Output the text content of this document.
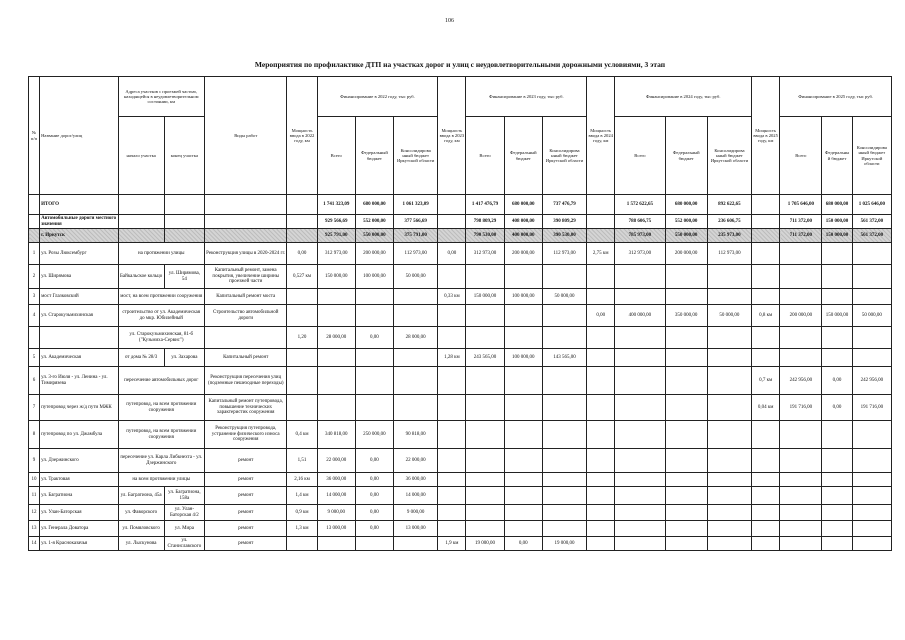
106
Мероприятия по профилактике ДТП на участках дорог и улиц с неудовлетворительными дорожными условиями, 3 этап
№ п/п	Название дорог/улиц	Адреса участков с проезжей частью, находящейся в неудовлетворительном состоянии, км		Виды работ	Мощность ввода в 2022 году, км	Финансирование в 2022 году, тыс руб.			Мощность ввода в 2023 году, км	Финансирование в 2023 году, тыс руб.			Мощность ввода в 2024 году, км	Финансирование в 2024 году, тыс руб.			Мощность ввода в 2025 году, км	Финансирование в 2025 году, тыс руб.		
		начало участка	конец участка			Всего	Федеральный бюджет	Консолидирова нный бюджет Иркутской области		Всего	Федеральный бюджет	Консолидирова нный бюджет Иркутской области		Всего	Федеральный бюджет	Консолидирова нный бюджет Иркутской области		Всего	Федеральны й бюджет	Консолидирова нный бюджет Иркутской области
	ИТОГО					1 741 323,09	680 000,00	1 061 323,09		1 417 476,79	680 000,00	737 476,79		1 572 622,65	680 000,00	892 622,65		1 705 646,00	680 000,00	1 025 646,00
	Автомобильные дороги местного значения					929 566,69	552 000,00	377 566,69		798 809,29	408 000,00	390 809,29		788 606,75	552 000,00	236 606,75		711 372,00	150 000,00	561 372,00
	г. Иркутск					925 791,00	550 000,00	375 791,00		790 530,00	400 000,00	390 530,00		785 973,00	550 000,00	235 973,00		711 372,00	150 000,00	561 372,00
1	ул. Розы Люксембург	на протяжении улицы		Реконструкция улицы в 2020-2024 гг.	0,00	312 973,00	200 000,00	112 973,00	0,00	312 973,00	200 000,00	112 973,00	2,75 км	312 973,00	200 000,00	112 973,00				
2	ул. Ширямова	Байкальское кольцо	ул. Ширямова, 54	Капитальный ремонт, замена покрытия, увеличение ширины проезжей части	0,527 км	150 000,00	100 000,00	50 000,00												
3	мост Глазковский	мост, на всем протяжении сооружения		Капитальный ремонт моста					0,33 км	150 000,00	100 000,00	50 000,00								
4	ул. Старокузьмихинская	строительство от ул. Академическая до мкр. Юбилейный		Строительство автомобильной дороги									0,00	400 000,00	350 000,00	50 000,00	0,8 км	200 000,00	150 000,00	50 000,00
		ул. Старокузьмихинская, 81-б ("Кузьмиха-Сервис")			1,20	28 000,00	0,00	28 000,00												
5	ул. Академическая	от дома № 28/3	ул. Захарова	Капитальный ремонт					1,28 км	243 565,00	100 000,00	143 565,00								
6	ул. 3-го Июля - ул. Ленина - ул. Тимирязева	пересечение автомобильных дорог		Реконструкция пересечения улиц (подземные пешеходные переходы)													0,7 км	242 956,00	0,00	242 956,00
7	путепровод через ж/д пути МЖК	путепровод, на всем протяжении сооружения		Капитальный ремонт путепровода, повышение технических характеристик сооружения													0,04 км	191 716,00	0,00	191 716,00
8	путепровод по ул. Джамбула	путепровод, на всем протяжении сооружения		Реконструкция путепровода, устранение физического износа сооружения	0,4 км	340 818,00	250 000,00	90 818,00												
9	ул. Дзержинского	пересечение ул. Карла Либкнехта - ул. Дзержинского		ремонт	1,51	22 000,00	0,00	22 000,00												
10	ул. Трактовая	на всем протяжении улицы		ремонт	2,16 км	36 000,00	0,00	36 000,00												
11	ул. Багратиона	ул. Багратиона, 45а	ул. Багратиона, 158а	ремонт	1,4 км	14 000,00	0,00	14 000,00												
12	ул. Улан-Баторская	ул. Фаворского	ул. Улан-Баторская 4/2	ремонт	0,9 км	9 000,00	0,00	9 000,00												
13	ул. Генерала Доватора	ул. Помяловского	ул. Мира	ремонт	1,3 км	13 000,00	0,00	13 000,00												
14	ул. 1-я Красноказачья	ул. Лыскунова	ул. Станиславского	ремонт					1,9 км	19 000,00	0,00	19 000,00								
